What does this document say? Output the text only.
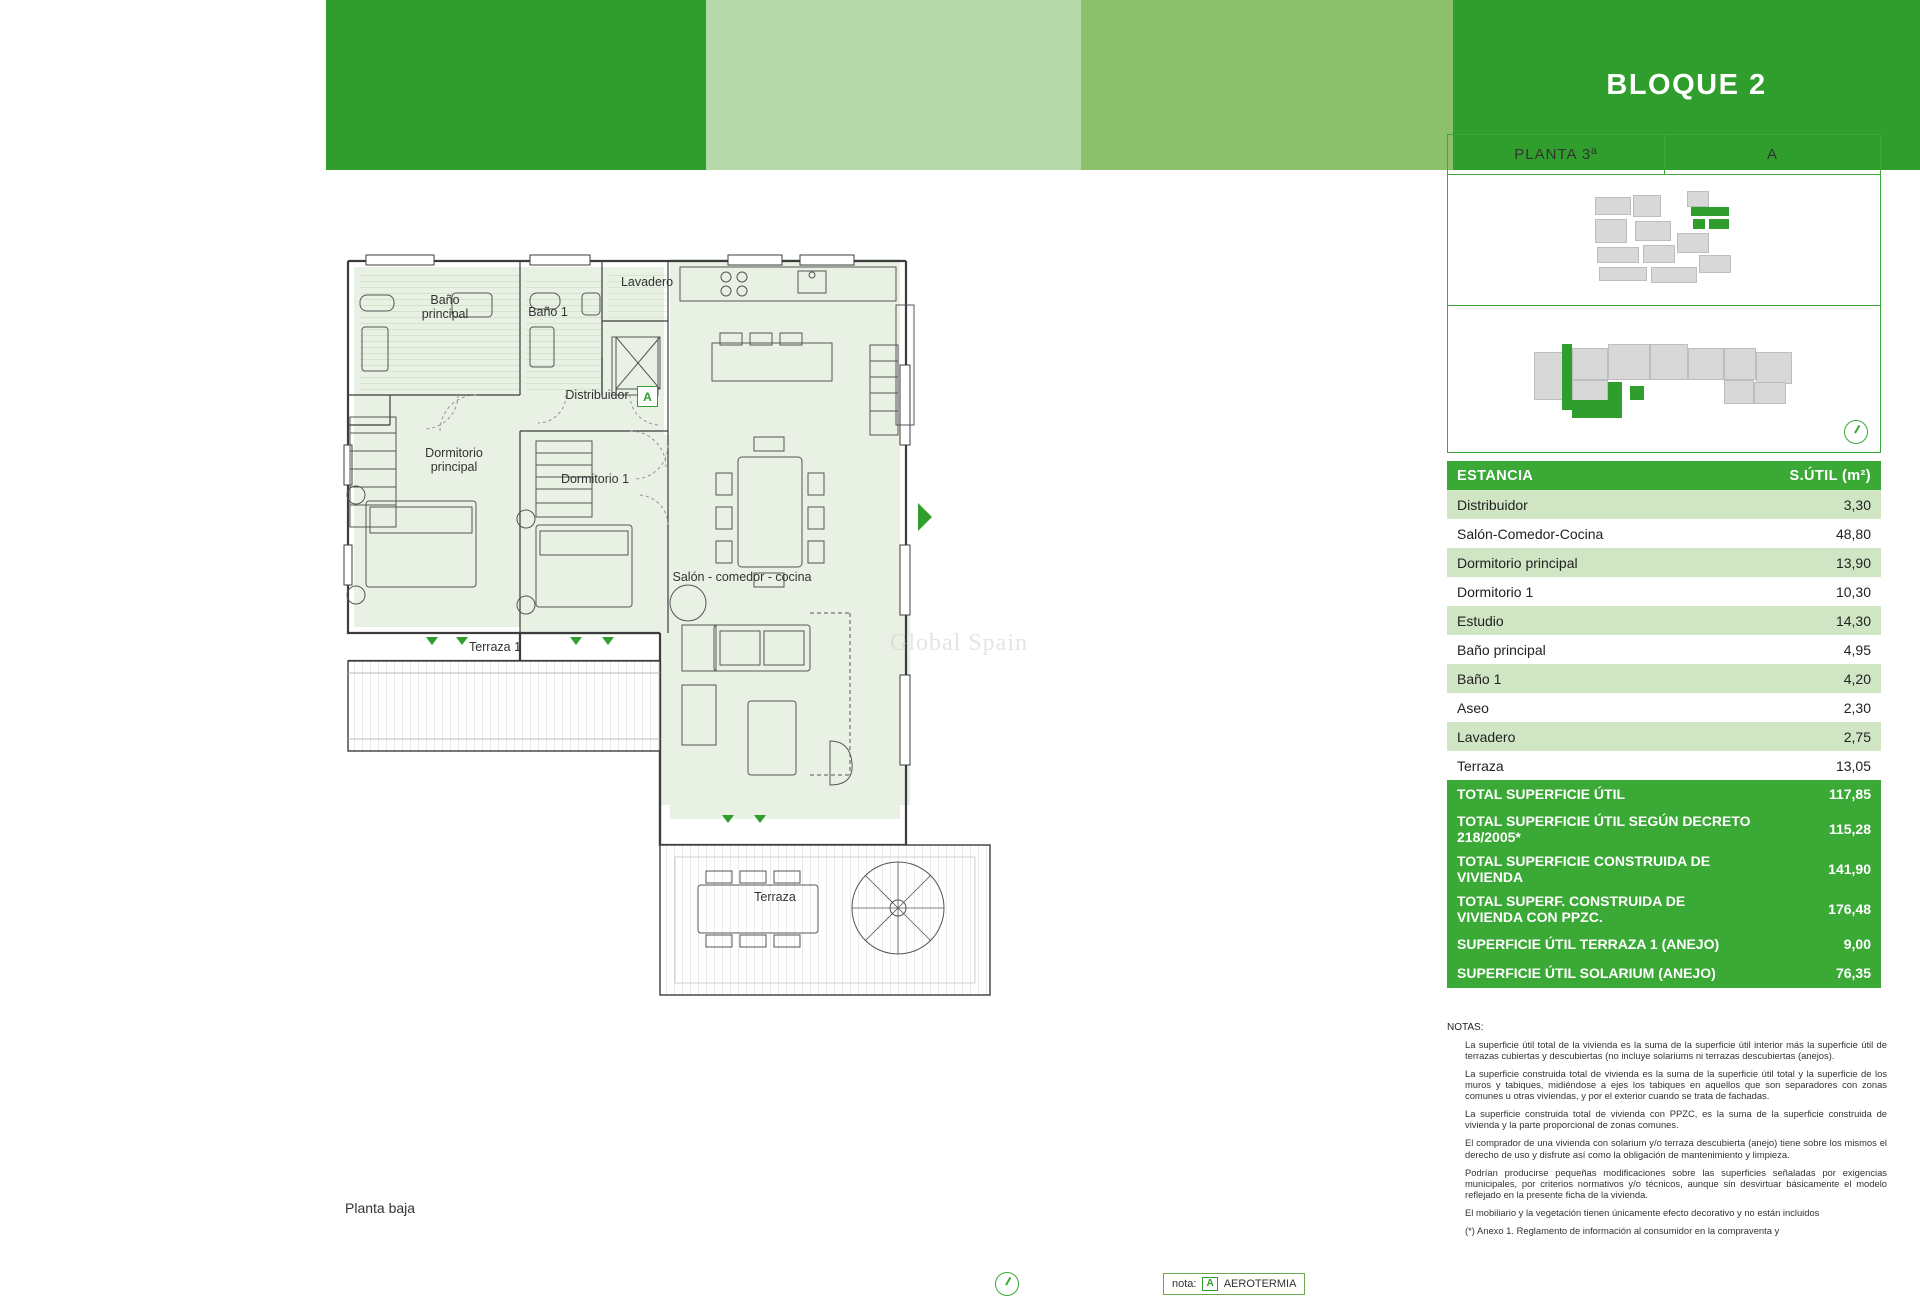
BLOQUE 2
PLANTA 3ª	A
ESTANCIA	S.ÚTIL (m²)
Distribuidor	3,30
Salón-Comedor-Cocina	48,80
Dormitorio principal	13,90
Dormitorio 1	10,30
Estudio	14,30
Baño principal	4,95
Baño 1	4,20
Aseo	2,30
Lavadero	2,75
Terraza	13,05
TOTAL SUPERFICIE ÚTIL	117,85
TOTAL SUPERFICIE ÚTIL SEGÚN DECRETO 218/2005*	115,28
TOTAL SUPERFICIE CONSTRUIDA DE VIVIENDA	141,90
TOTAL SUPERF. CONSTRUIDA DE VIVIENDA CON PPZC.	176,48
SUPERFICIE ÚTIL TERRAZA 1 (ANEJO)	9,00
SUPERFICIE ÚTIL SOLARIUM (ANEJO)	76,35
NOTAS:

La superficie útil total de la vivienda es la suma de la superficie útil interior más la superficie útil de terrazas cubiertas y descubiertas (no incluye solariums ni terrazas descubiertas (anejos).

La superficie construida total de vivienda es la suma de la superficie útil total y la superficie de los muros y tabiques, midiéndose a ejes los tabiques en aquellos que son separadores con zonas comunes u otras viviendas, y por el exterior cuando se trata de fachadas.

La superficie construida total de vivienda con PPZC, es la suma de la superficie construida de vivienda y la parte proporcional de zonas comunes.

El comprador de una vivienda con solarium y/o terraza descubierta (anejo) tiene sobre los mismos el derecho de uso y disfrute así como la obligación de mantenimiento y limpieza.

Podrían producirse pequeñas modificaciones sobre las superficies señaladas por exigencias municipales, por criterios normativos y/o técnicos, aunque sin desvirtuar básicamente el modelo reflejado en la presente ficha de la vivienda.

El mobiliario y la vegetación tienen únicamente efecto decorativo y no están incluidos

(*) Anexo 1. Reglamento de información al consumidor en la compraventa y

Baño
principal	Baño 1
Lavadero
Distribuidor
Dormitorio
principal
Dormitorio 1
Salón - comedor - cocina
Terraza 1
Terraza
A
Global Spain
Planta baja
nota:	A AEROTERMIA
